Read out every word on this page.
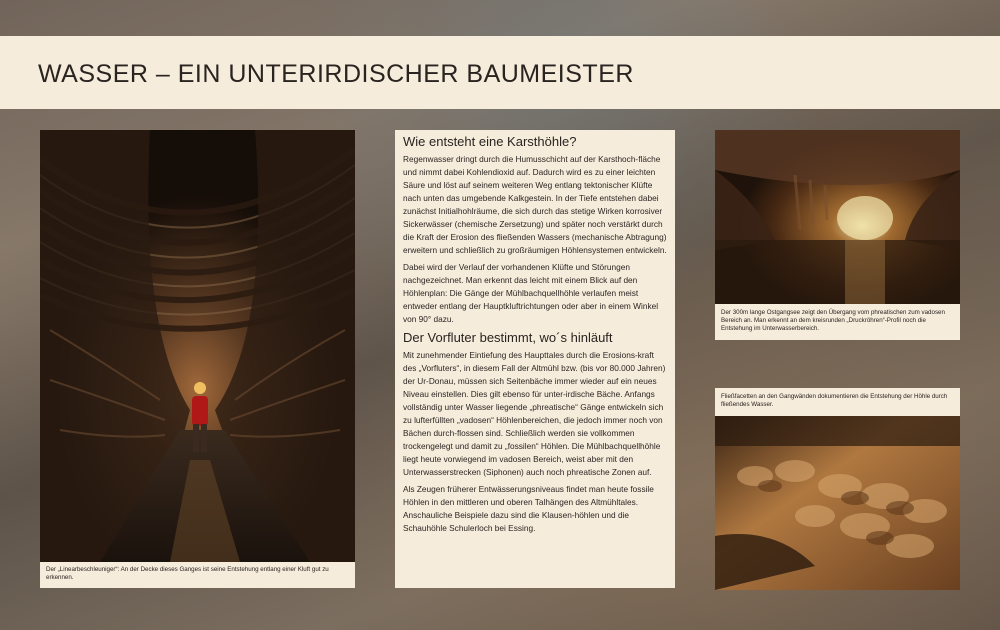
WASSER – EIN UNTERIRDISCHER BAUMEISTER
Der „Linearbeschleuniger“: An der Decke dieses Ganges ist seine Entstehung entlang einer Kluft gut zu erkennen.
Wie entsteht eine Karsthöhle?

Regenwasser dringt durch die Humusschicht auf der Karsthoch-fläche und nimmt dabei Kohlendioxid auf. Dadurch wird es zu einer leichten Säure und löst auf seinem weiteren Weg entlang tektonischer Klüfte nach unten das umgebende Kalkgestein. In der Tiefe entstehen dabei zunächst Initialhohlräume, die sich durch das stetige Wirken korrosiver Sickerwässer (chemische Zersetzung) und später noch verstärkt durch die Kraft der Erosion des fließenden Wassers (mechanische Abtragung) erweitern und schließlich zu großräumigen Höhlensystemen entwickeln.

Dabei wird der Verlauf der vorhandenen Klüfte und Störungen nachgezeichnet. Man erkennt das leicht mit einem Blick auf den Höhlenplan: Die Gänge der Mühlbachquellhöhle verlaufen meist entweder entlang der Hauptkluftrichtungen oder aber in einem Winkel von 90° dazu.

Der Vorfluter bestimmt, wo´s hinläuft

Mit zunehmender Eintiefung des Haupttales durch die Erosions-kraft des „Vorfluters“, in diesem Fall der Altmühl bzw. (bis vor 80.000 Jahren) der Ur-Donau, müssen sich Seitenbäche immer wieder auf ein neues Niveau einstellen. Dies gilt ebenso für unter-irdische Bäche. Anfangs vollständig unter Wasser liegende „phreatische“ Gänge entwickeln sich zu lufterfüllten „vadosen“ Höhlenbereichen, die jedoch immer noch von Bächen durch-flossen sind. Schließlich werden sie vollkommen trockengelegt und damit zu „fossilen“ Höhlen. Die Mühlbachquellhöhle liegt heute vorwiegend im vadosen Bereich, weist aber mit den Unterwasserstrecken (Siphonen) auch noch phreatische Zonen auf.

Als Zeugen früherer Entwässerungsniveaus findet man heute fossile Höhlen in den mittleren und oberen Talhängen des Altmühltales. Anschauliche Beispiele dazu sind die Klausen-höhlen und die Schauhöhle Schulerloch bei Essing.

Der 300m lange Ostgangsee zeigt den Übergang vom phreatischen zum vadosen Bereich an. Man erkennt an dem kreisrunden „Druckröhren“-Profil noch die Entstehung im Unterwasserbereich.
Fließfacetten an den Gangwänden dokumentieren die Entstehung der Höhle durch fließendes Wasser.
